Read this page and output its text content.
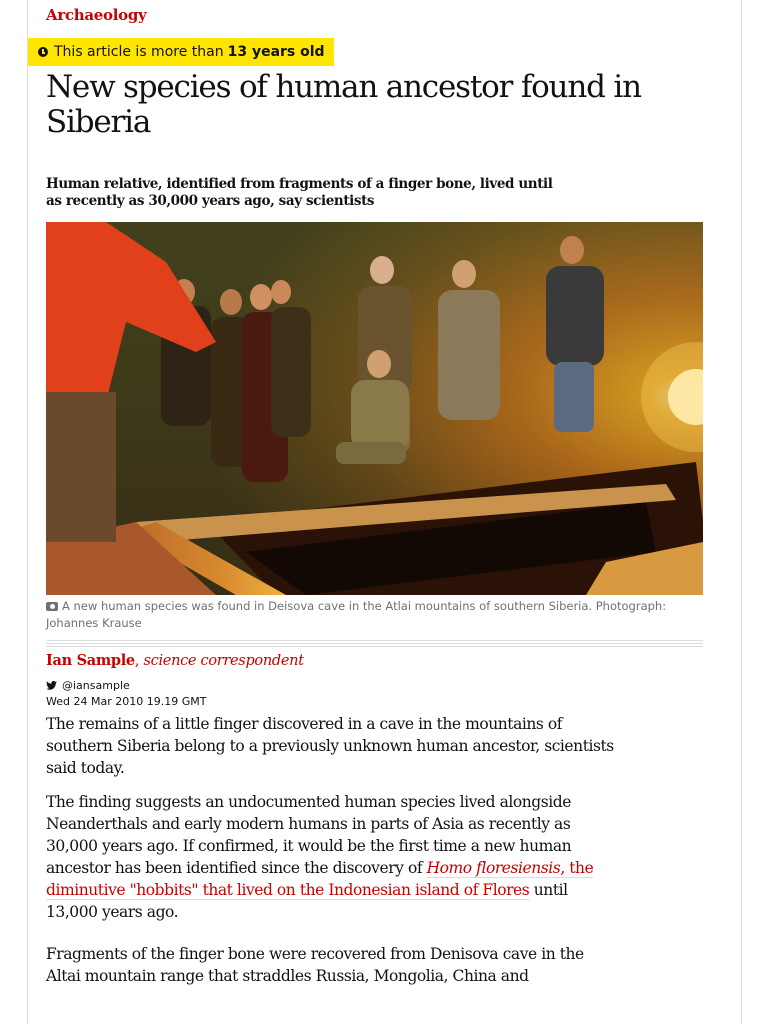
Archaeology
This article is more than 13 years old
New species of human ancestor found in Siberia

Human relative, identified from fragments of a finger bone, lived until as recently as 30,000 years ago, say scientists

A new human species was found in Deisova cave in the Atlai mountains of southern Siberia. Photograph: Johannes Krause
Ian Sample, science correspondent
@iansample
Wed 24 Mar 2010 19.19 GMT

The remains of a little finger discovered in a cave in the mountains of southern Siberia belong to a previously unknown human ancestor, scientists said today.

The finding suggests an undocumented human species lived alongside Neanderthals and early modern humans in parts of Asia as recently as 30,000 years ago. If confirmed, it would be the first time a new human ancestor has been identified since the discovery of Homo floresiensis, the diminutive "hobbits" that lived on the Indonesian island of Flores until 13,000 years ago.

Fragments of the finger bone were recovered from Denisova cave in the Altai mountain range that straddles Russia, Mongolia, China and
